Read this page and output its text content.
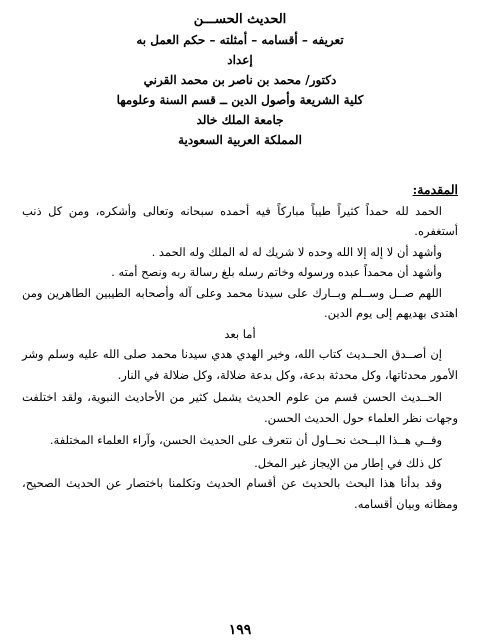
الحديث الحســـن
تعريفه – أقسامه – أمثلته – حكم العمل به
إعداد
دكتور/ محمد بن ناصر بن محمد القرني
كلية الشريعة وأصول الدين ــ قسم السنة وعلومها
جامعة الملك خالد
المملكة العربية السعودية

المقدمة:

الحمد لله حمداً كثيراً طيباً مباركاً فيه أحمده سبحانه وتعالى وأشكره، ومن كل ذنب أستغفره.

وأشهد أن لا إله إلا الله وحده لا شريك له له الملك وله الحمد .

وأشهد أن محمداً عبده ورسوله وخاتم رسله بلغ رسالة ربه ونصح أمته .

اللهم صــل وســلم وبــارك على سيدنا محمد وعلى آله وأصحابه الطيبين الطاهرين ومن اهتدى بهديهم إلى يوم الدين.

أما بعد

إن أصــدق الحــديث كتاب الله، وخير الهدي هدي سيدنا محمد صلى الله عليه وسلم وشر الأمور محدثاتها، وكل محدثة بدعة، وكل بدعة ضلالة، وكل ضلالة في النار.

الحــديث الحسن قسم من علوم الحديث يشمل كثير من الأحاديث النبوية، ولقد اختلفت وجهات نظر العلماء حول الحديث الحسن.

وفــي هــذا البــحث نحــاول أن نتعرف على الحديث الحسن، وآراء العلماء المختلفة.

كل ذلك في إطار من الإيجاز غير المخل.

وقد بدأنا هذا البحث بالحديث عن أقسام الحديث وتكلمنا باختصار عن الحديث الصحيح، ومظانه وبيان أقسامه.

١٩٩
